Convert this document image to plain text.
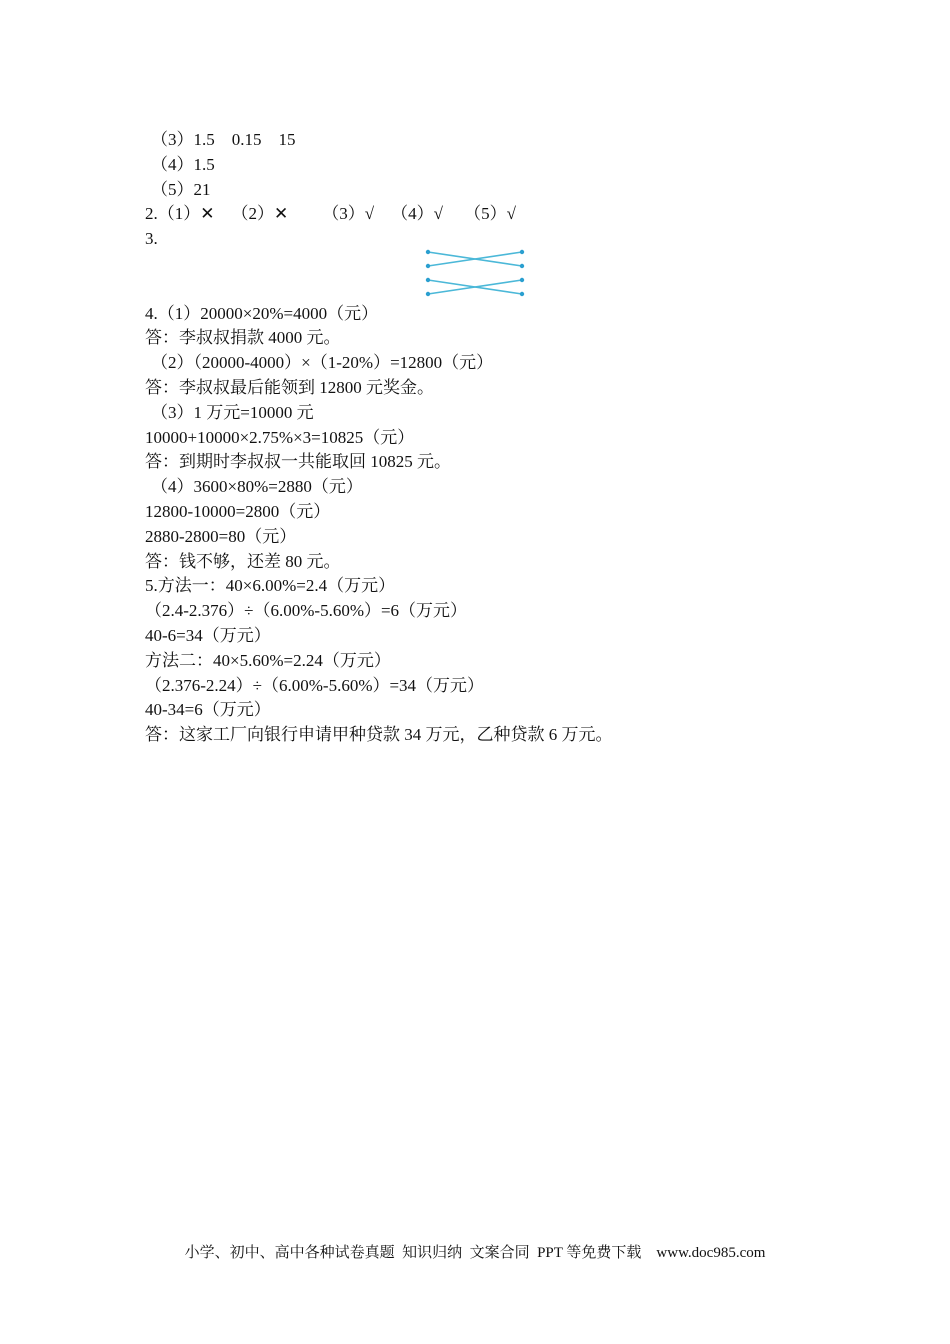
（3）1.5    0.15    15
（4）1.5
（5）21
2.（1）✕    （2）✕        （3）√    （4）√     （5）√
3.
4.（1）20000×20%=4000（元）
答：李叔叔捐款 4000 元。
（2）（20000-4000）×（1-20%）=12800（元）
答：李叔叔最后能领到 12800 元奖金。
（3）1 万元=10000 元
10000+10000×2.75%×3=10825（元）
答：到期时李叔叔一共能取回 10825 元。
（4）3600×80%=2880（元）
12800-10000=2800（元）
2880-2800=80（元）
答：钱不够，还差 80 元。
5.方法一：40×6.00%=2.4（万元）
（2.4-2.376）÷（6.00%-5.60%）=6（万元）
40-6=34（万元）
方法二：40×5.60%=2.24（万元）
（2.376-2.24）÷（6.00%-5.60%）=34（万元）
40-34=6（万元）
答：这家工厂向银行申请甲种贷款 34 万元，乙种贷款 6 万元。
小学、初中、高中各种试卷真题  知识归纳  文案合同  PPT 等免费下载    www.doc985.com
